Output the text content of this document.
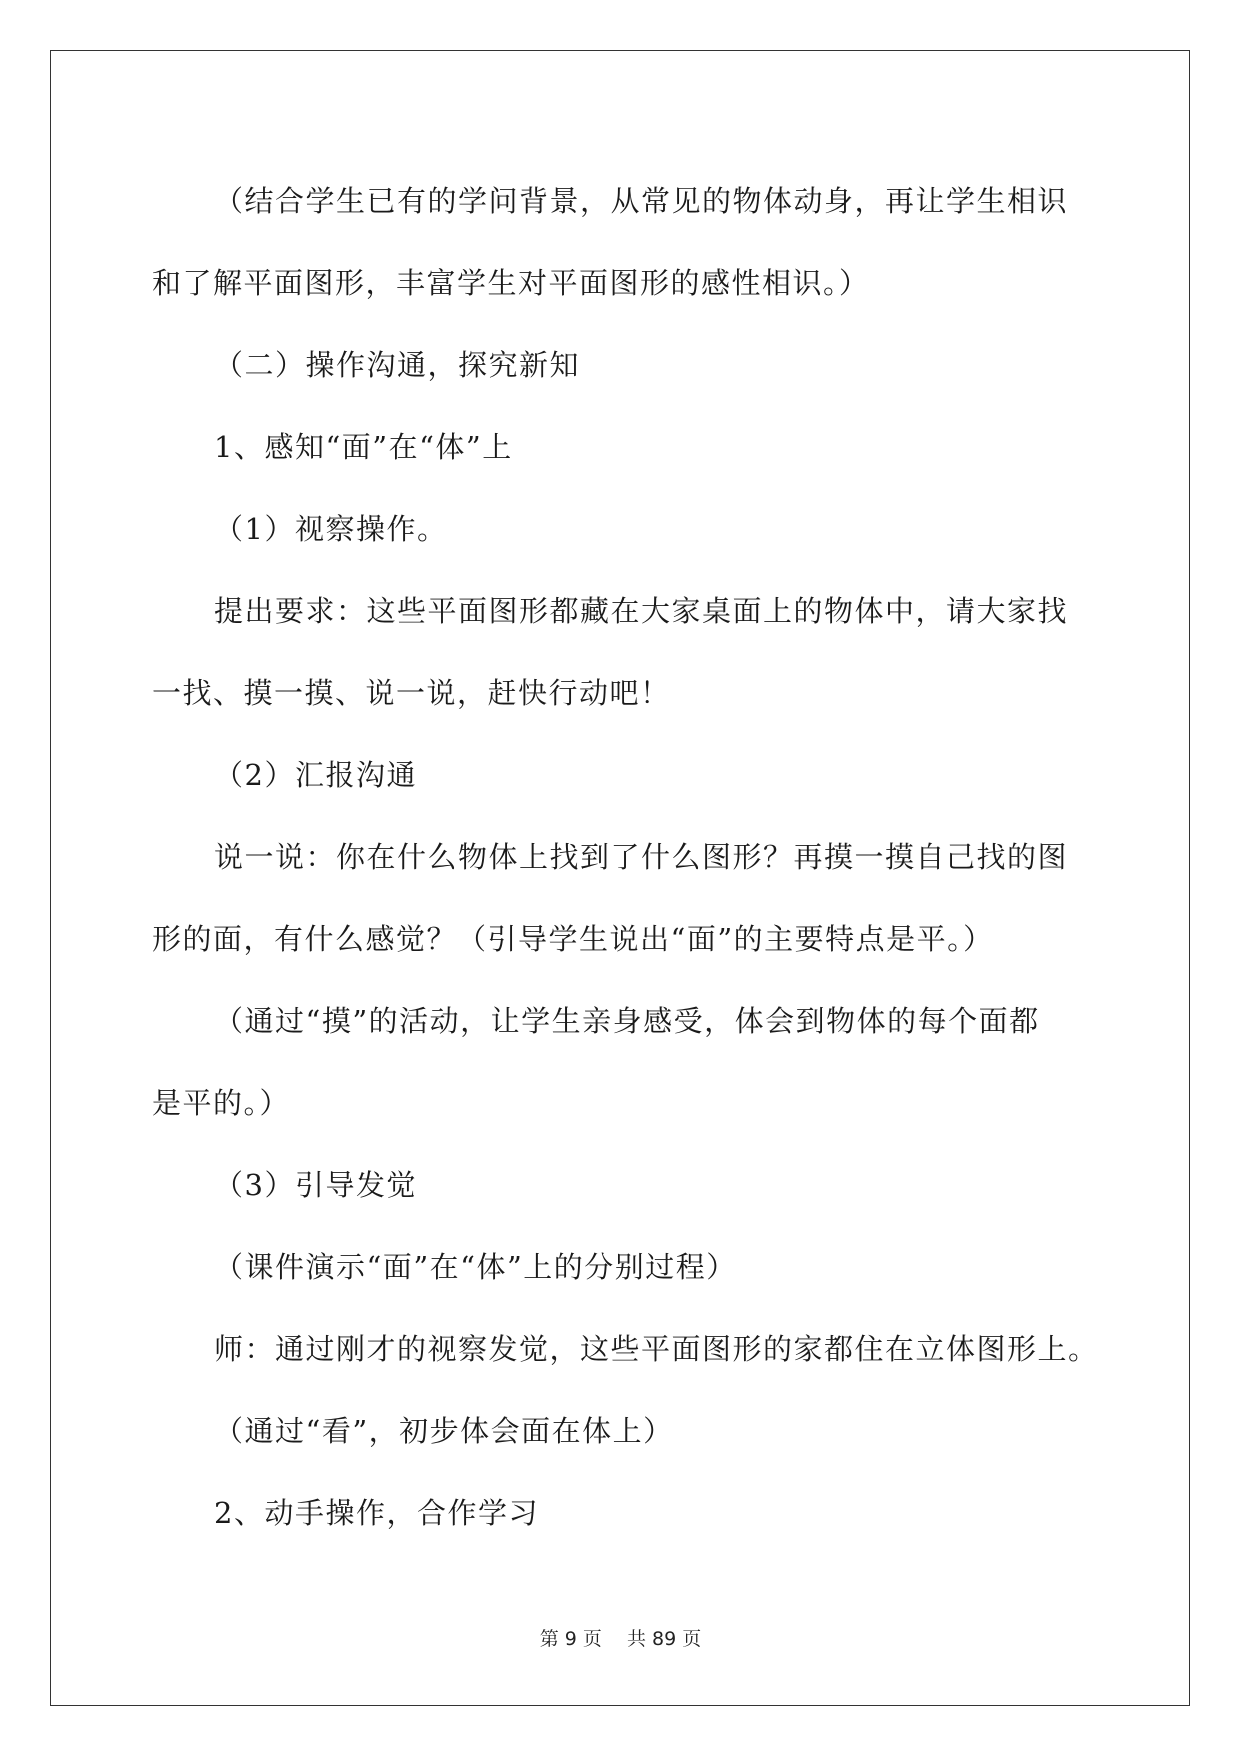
（结合学生已有的学问背景，从常见的物体动身，再让学生相识
和了解平面图形，丰富学生对平面图形的感性相识。）
（二）操作沟通，探究新知
1、感知“面”在“体”上
（1）视察操作。
提出要求：这些平面图形都藏在大家桌面上的物体中，请大家找
一找、摸一摸、说一说，赶快行动吧！
（2）汇报沟通
说一说：你在什么物体上找到了什么图形？再摸一摸自己找的图
形的面，有什么感觉？（引导学生说出“面”的主要特点是平。）
（通过“摸”的活动，让学生亲身感受，体会到物体的每个面都
是平的。）
（3）引导发觉
（课件演示“面”在“体”上的分别过程）
师：通过刚才的视察发觉，这些平面图形的家都住在立体图形上。
（通过“看”，初步体会面在体上）
2、动手操作，合作学习
第 9 页　 共 89 页
